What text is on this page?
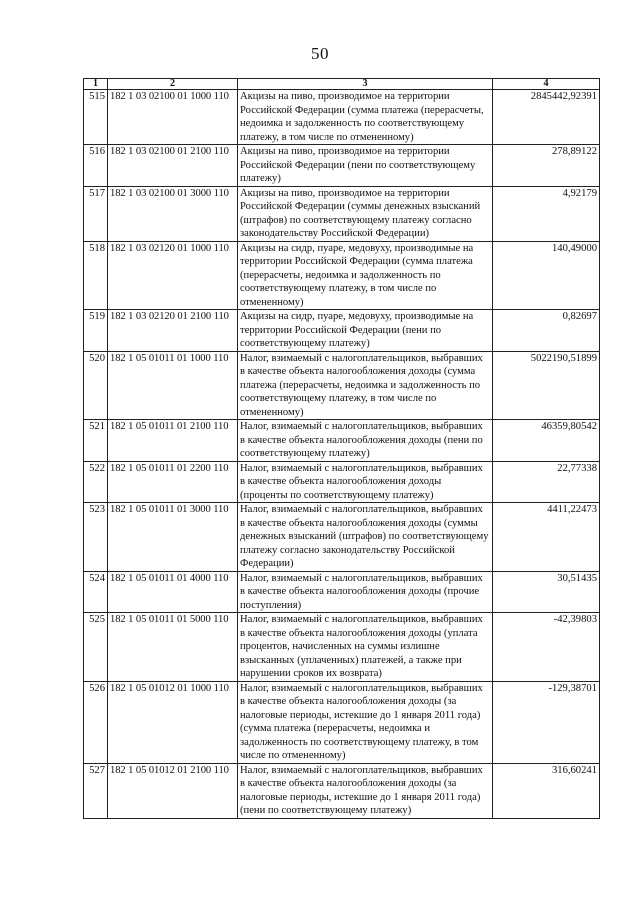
50
1	2	3	4
515	182 1 03 02100 01 1000 110	Акцизы на пиво, производимое на территории Российской Федерации (сумма платежа (перерасчеты, недоимка и задолженность по соответствующему платежу, в том числе по отмененному)	2845442,92391
516	182 1 03 02100 01 2100 110	Акцизы на пиво, производимое на территории Российской Федерации (пени по соответствующему платежу)	278,89122
517	182 1 03 02100 01 3000 110	Акцизы на пиво, производимое на территории Российской Федерации (суммы денежных взысканий (штрафов) по соответствующему платежу согласно законодательству Российской Федерации)	4,92179
518	182 1 03 02120 01 1000 110	Акцизы на сидр, пуаре, медовуху, производимые на территории Российской Федерации (сумма платежа (перерасчеты, недоимка и задолженность по соответствующему платежу, в том числе по отмененному)	140,49000
519	182 1 03 02120 01 2100 110	Акцизы на сидр, пуаре, медовуху, производимые на территории Российской Федерации (пени по соответствующему платежу)	0,82697
520	182 1 05 01011 01 1000 110	Налог, взимаемый с налогоплательщиков, выбравших в качестве объекта налогообложения доходы (сумма платежа (перерасчеты, недоимка и задолженность по соответствующему платежу, в том числе по отмененному)	5022190,51899
521	182 1 05 01011 01 2100 110	Налог, взимаемый с налогоплательщиков, выбравших в качестве объекта налогообложения доходы (пени по соответствующему платежу)	46359,80542
522	182 1 05 01011 01 2200 110	Налог, взимаемый с налогоплательщиков, выбравших в качестве объекта налогообложения доходы (проценты по соответствующему платежу)	22,77338
523	182 1 05 01011 01 3000 110	Налог, взимаемый с налогоплательщиков, выбравших в качестве объекта налогообложения доходы (суммы денежных взысканий (штрафов) по соответствующему платежу согласно законодательству Российской Федерации)	4411,22473
524	182 1 05 01011 01 4000 110	Налог, взимаемый с налогоплательщиков, выбравших в качестве объекта налогообложения доходы (прочие поступления)	30,51435
525	182 1 05 01011 01 5000 110	Налог, взимаемый с налогоплательщиков, выбравших в качестве объекта налогообложения доходы (уплата процентов, начисленных на суммы излишне взысканных (уплаченных) платежей, а также при нарушении сроков их возврата)	-42,39803
526	182 1 05 01012 01 1000 110	Налог, взимаемый с налогоплательщиков, выбравших в качестве объекта налогообложения доходы (за налоговые периоды, истекшие до 1 января 2011 года) (сумма платежа (перерасчеты, недоимка и задолженность по соответствующему платежу, в том числе по отмененному)	-129,38701
527	182 1 05 01012 01 2100 110	Налог, взимаемый с налогоплательщиков, выбравших в качестве объекта налогообложения доходы (за налоговые периоды, истекшие до 1 января 2011 года) (пени по соответствующему платежу)	316,60241
